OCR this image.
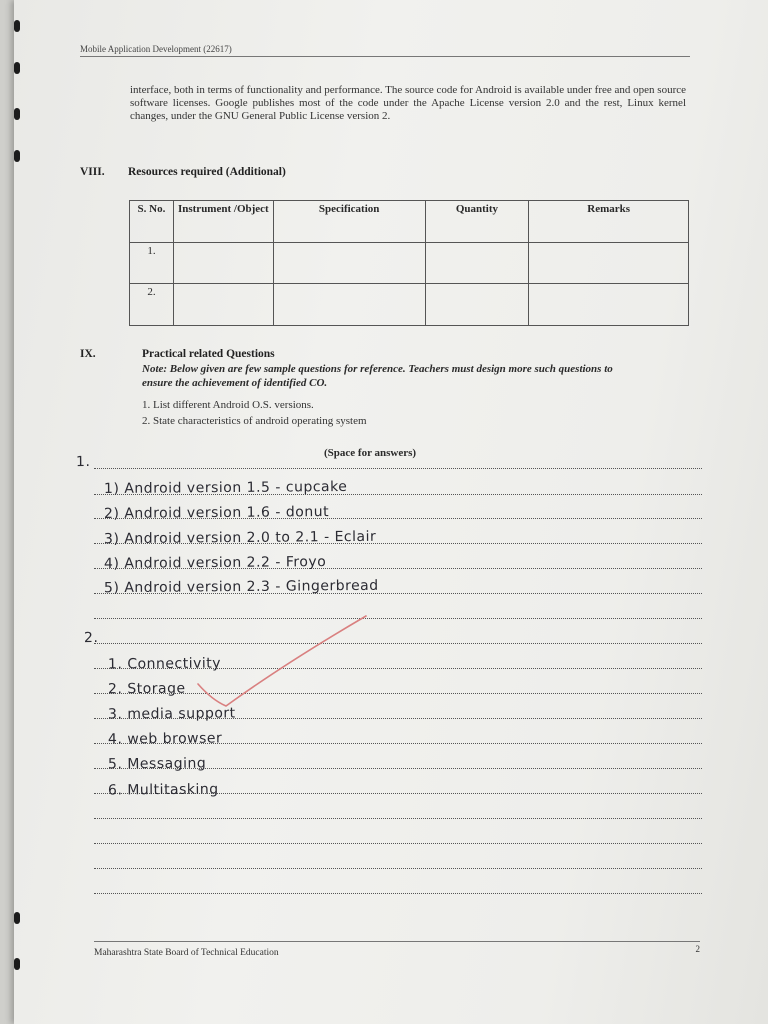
Mobile Application Development (22617)
interface, both in terms of functionality and performance. The source code for Android is available under free and open source software licenses. Google publishes most of the code under the Apache License version 2.0 and the rest, Linux kernel changes, under the GNU General Public License version 2.
VIII. Resources required (Additional)
S. No.	Instrument /Object	Specification	Quantity	Remarks
1.				
2.				
IX.	Practical related Questions
Note: Below given are few sample questions for reference. Teachers must design more such questions to ensure the achievement of identified CO.
1. List different Android O.S. versions.
2. State characteristics of android operating system
(Space for answers)
1.
1) Android version 1.5 - cupcake
2) Android version 1.6 - donut
3) Android version 2.0 to 2.1 - Eclair
4) Android version 2.2 - Froyo
5) Android version 2.3 - Gingerbread
2.
1. Connectivity
2. Storage
3. media support
4. web browser
5. Messaging
6. Multitasking
Maharashtra State Board of Technical Education	2
